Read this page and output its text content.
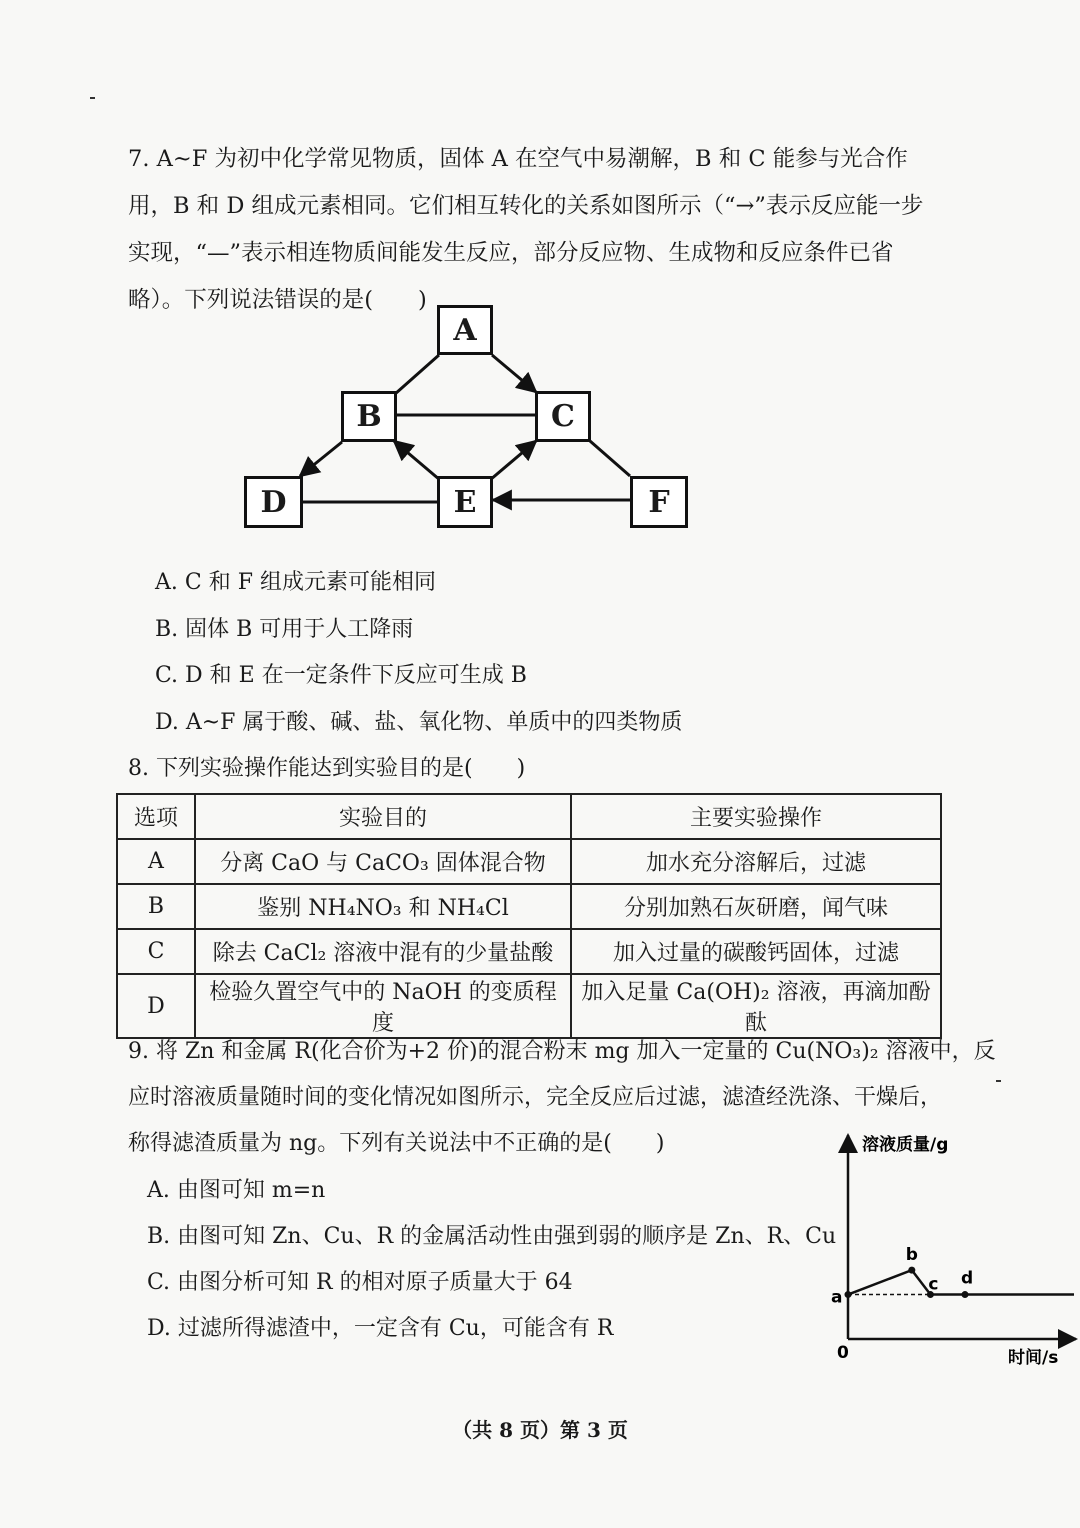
7. A~F 为初中化学常见物质，固体 A 在空气中易潮解，B 和 C 能参与光合作用，B 和 D 组成元素相同。它们相互转化的关系如图所示（“→”表示反应能一步实现，“—”表示相连物质间能发生反应，部分反应物、生成物和反应条件已省略）。下列说法错误的是(　　)

A
B	C
D	E	F
A. C 和 F 组成元素可能相同
B. 固体 B 可用于人工降雨
C. D 和 E 在一定条件下反应可生成 B
D. A~F 属于酸、碱、盐、氧化物、单质中的四类物质
8. 下列实验操作能达到实验目的是(　　)
选项	实验目的	主要实验操作
A	分离 CaO 与 CaCO₃ 固体混合物	加水充分溶解后，过滤
B	鉴别 NH₄NO₃ 和 NH₄Cl	分别加熟石灰研磨，闻气味
C	除去 CaCl₂ 溶液中混有的少量盐酸	加入过量的碳酸钙固体，过滤
D	检验久置空气中的 NaOH 的变质程度	加入足量 Ca(OH)₂ 溶液，再滴加酚酞
9. 将 Zn 和金属 R(化合价为+2 价)的混合粉末 mg 加入一定量的 Cu(NO₃)₂ 溶液中，反
应时溶液质量随时间的变化情况如图所示，完全反应后过滤，滤渣经洗涤、干燥后，
称得滤渣质量为 ng。下列有关说法中不正确的是(　　)
A. 由图可知 m=n
B. 由图可知 Zn、Cu、R 的金属活动性由强到弱的顺序是 Zn、R、Cu
C. 由图分析可知 R 的相对原子质量大于 64
D. 过滤所得滤渣中，一定含有 Cu，可能含有 R
溶液质量/g
时间/s
0
a
b
c d
（共 8 页）第 3 页
